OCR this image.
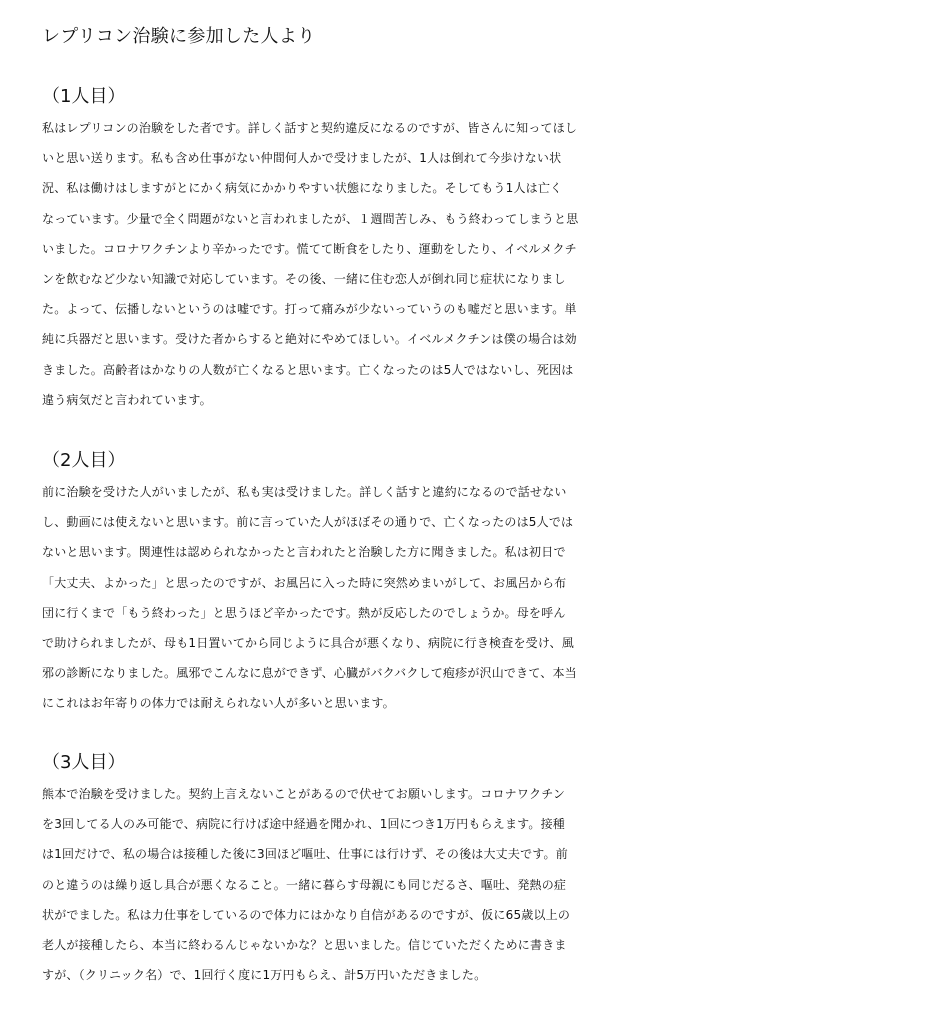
レプリコン治験に参加した人より
（1人目）
私はレプリコンの治験をした者です。詳しく話すと契約違反になるのですが、皆さんに知ってほし
いと思い送ります。私も含め仕事がない仲間何人かで受けましたが、1人は倒れて今歩けない状
況、私は働けはしますがとにかく病気にかかりやすい状態になりました。そしてもう1人は亡く
なっています。少量で全く問題がないと言われましたが、１週間苦しみ、もう終わってしまうと思
いました。コロナワクチンより辛かったです。慌てて断食をしたり、運動をしたり、イベルメクチ
ンを飲むなど少ない知識で対応しています。その後、一緒に住む恋人が倒れ同じ症状になりまし
た。よって、伝播しないというのは嘘です。打って痛みが少ないっていうのも嘘だと思います。単
純に兵器だと思います。受けた者からすると絶対にやめてほしい。イベルメクチンは僕の場合は効
きました。高齢者はかなりの人数が亡くなると思います。亡くなったのは5人ではないし、死因は
違う病気だと言われています。
（2人目）
前に治験を受けた人がいましたが、私も実は受けました。詳しく話すと違約になるので話せない
し、動画には使えないと思います。前に言っていた人がほぼその通りで、亡くなったのは5人では
ないと思います。関連性は認められなかったと言われたと治験した方に聞きました。私は初日で
「大丈夫、よかった」と思ったのですが、お風呂に入った時に突然めまいがして、お風呂から布
団に行くまで「もう終わった」と思うほど辛かったです。熱が反応したのでしょうか。母を呼ん
で助けられましたが、母も1日置いてから同じように具合が悪くなり、病院に行き検査を受け、風
邪の診断になりました。風邪でこんなに息ができず、心臓がバクバクして疱疹が沢山できて、本当
にこれはお年寄りの体力では耐えられない人が多いと思います。
（3人目）
熊本で治験を受けました。契約上言えないことがあるので伏せてお願いします。コロナワクチン
を3回してる人のみ可能で、病院に行けば途中経過を聞かれ、1回につき1万円もらえます。接種
は1回だけで、私の場合は接種した後に3回ほど嘔吐、仕事には行けず、その後は大丈夫です。前
のと違うのは繰り返し具合が悪くなること。一緒に暮らす母親にも同じだるさ、嘔吐、発熱の症
状がでました。私は力仕事をしているので体力にはかなり自信があるのですが、仮に65歳以上の
老人が接種したら、本当に終わるんじゃないかな？と思いました。信じていただくために書きま
すが、（クリニック名）で、1回行く度に1万円もらえ、計5万円いただきました。
